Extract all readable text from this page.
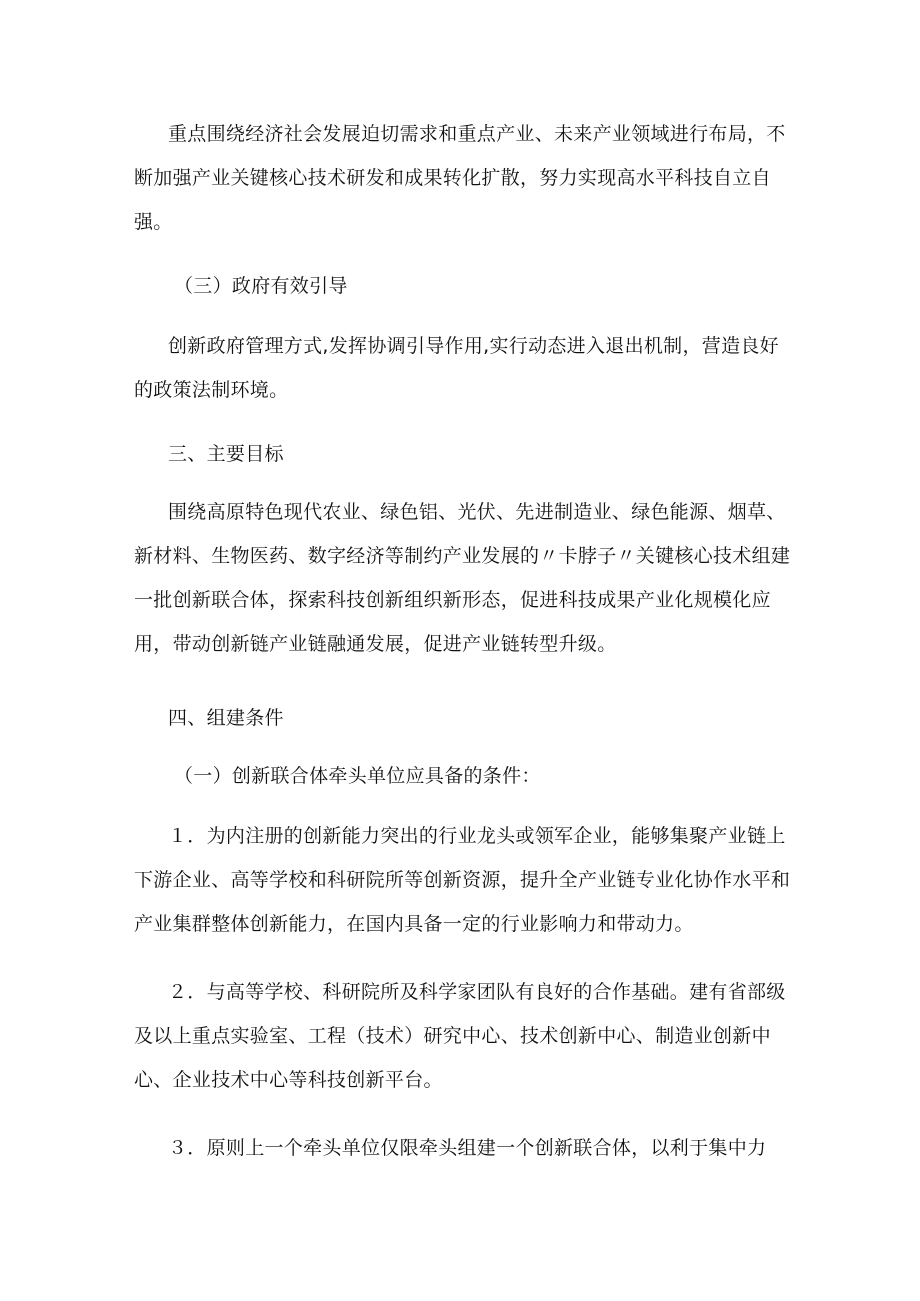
重点围绕经济社会发展迫切需求和重点产业、未来产业领域进行布局，不断加强产业关键核心技术研发和成果转化扩散，努力实现高水平科技自立自强。

（三）政府有效引导

创新政府管理方式,发挥协调引导作用,实行动态进入退出机制，营造良好的政策法制环境。

三、主要目标

围绕高原特色现代农业、绿色铝、光伏、先进制造业、绿色能源、烟草、新材料、生物医药、数字经济等制约产业发展的〃卡脖子〃关键核心技术组建一批创新联合体，探索科技创新组织新形态，促进科技成果产业化规模化应用，带动创新链产业链融通发展，促进产业链转型升级。

四、组建条件

（一）创新联合体牵头单位应具备的条件：

１．为内注册的创新能力突出的行业龙头或领军企业，能够集聚产业链上下游企业、高等学校和科研院所等创新资源，提升全产业链专业化协作水平和产业集群整体创新能力，在国内具备一定的行业影响力和带动力。

２．与高等学校、科研院所及科学家团队有良好的合作基础。建有省部级及以上重点实验室、工程（技术）研究中心、技术创新中心、制造业创新中心、企业技术中心等科技创新平台。

３．原则上一个牵头单位仅限牵头组建一个创新联合体，以利于集中力
